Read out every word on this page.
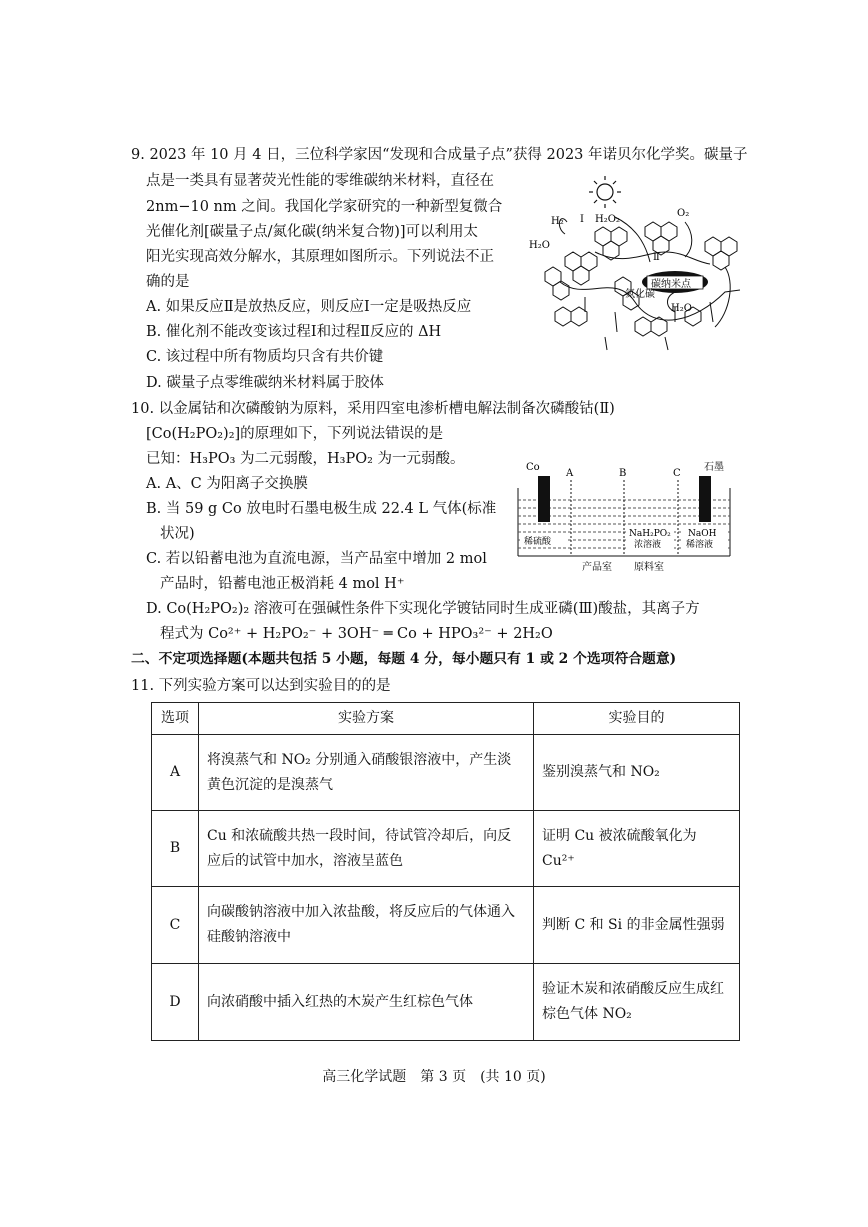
9. 2023 年 10 月 4 日，三位科学家因“发现和合成量子点”获得 2023 年诺贝尔化学奖。碳量子
点是一类具有显著荧光性能的零维碳纳米材料，直径在
2nm−10 nm 之间。我国化学家研究的一种新型复微合
光催化剂[碳量子点/氮化碳(纳米复合物)]可以利用太
阳光实现高效分解水，其原理如图所示。下列说法不正
确的是
A. 如果反应Ⅱ是放热反应，则反应Ⅰ一定是吸热反应
B. 催化剂不能改变该过程Ⅰ和过程Ⅱ反应的 ΔH
C. 该过程中所有物质均只含有共价键
D. 碳量子点零维碳纳米材料属于胶体
碳纳米点
氮化碳
H₂
H₂O
H₂O₂
O₂
H₂O
Ⅰ
Ⅱ
10. 以金属钴和次磷酸钠为原料，采用四室电渗析槽电解法制备次磷酸钴(Ⅱ)
[Co(H₂PO₂)₂]的原理如下，下列说法错误的是
已知：H₃PO₃ 为二元弱酸，H₃PO₂ 为一元弱酸。
A. A、C 为阳离子交换膜
B. 当 59 g Co 放电时石墨电极生成 22.4 L 气体(标准
状况)
C. 若以铅蓄电池为直流电源，当产品室中增加 2 mol
产品时，铅蓄电池正极消耗 4 mol H⁺
D. Co(H₂PO₂)₂ 溶液可在强碱性条件下实现化学镀钴同时生成亚磷(Ⅲ)酸盐，其离子方
程式为 Co²⁺ + H₂PO₂⁻ + 3OH⁻ ═ Co + HPO₃²⁻ + 2H₂O
Co
A	B	C
石墨
稀硫酸
NaH₂PO₂
浓溶液
NaOH
稀溶液
产品室 原料室
二、不定项选择题(本题共包括 5 小题，每题 4 分，每小题只有 1 或 2 个选项符合题意)
11. 下列实验方案可以达到实验目的的是
选项	实验方案	实验目的
A	将溴蒸气和 NO₂ 分别通入硝酸银溶液中，产生淡黄色沉淀的是溴蒸气	鉴别溴蒸气和 NO₂
B	Cu 和浓硫酸共热一段时间，待试管冷却后，向反应后的试管中加水，溶液呈蓝色	证明 Cu 被浓硫酸氧化为 Cu²⁺
C	向碳酸钠溶液中加入浓盐酸，将反应后的气体通入硅酸钠溶液中	判断 C 和 Si 的非金属性强弱
D	向浓硝酸中插入红热的木炭产生红棕色气体	验证木炭和浓硝酸反应生成红棕色气体 NO₂
高三化学试题　第 3 页　(共 10 页)
